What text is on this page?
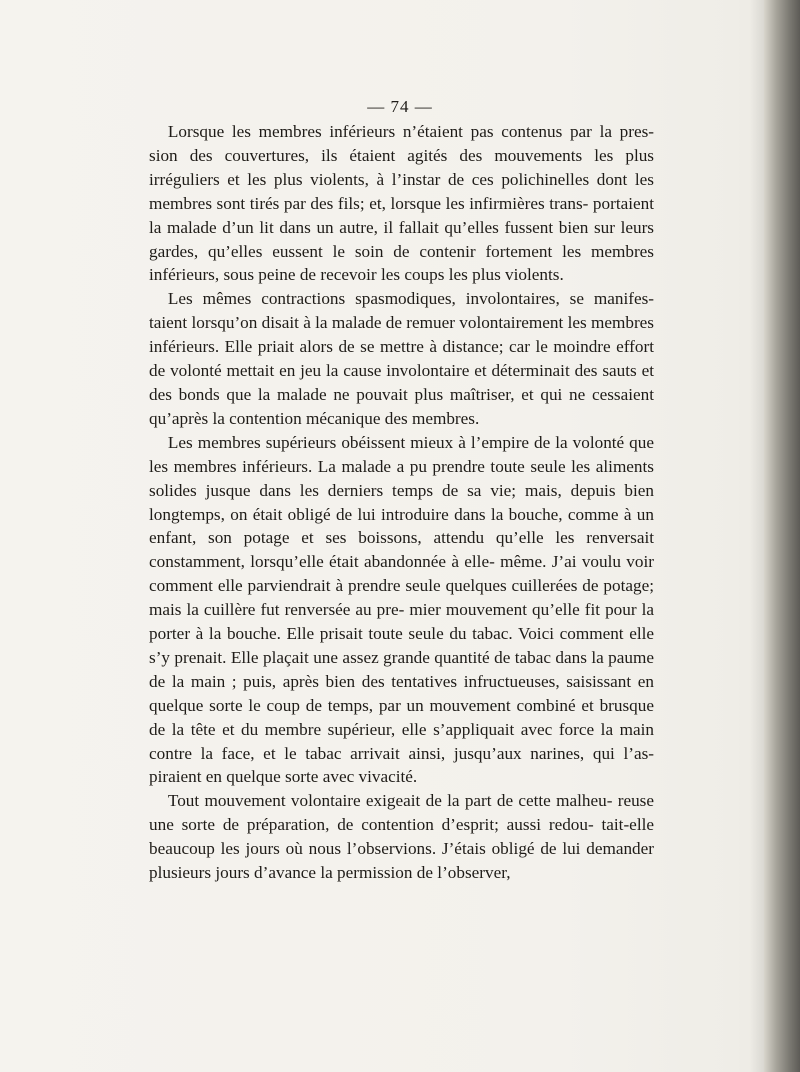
— 74 —

Lorsque les membres inférieurs n’étaient pas contenus par la pres- sion des couvertures, ils étaient agités des mouvements les plus irréguliers et les plus violents, à l’instar de ces polichinelles dont les membres sont tirés par des fils; et, lorsque les infirmières trans- portaient la malade d’un lit dans un autre, il fallait qu’elles fussent bien sur leurs gardes, qu’elles eussent le soin de contenir fortement les membres inférieurs, sous peine de recevoir les coups les plus violents.

Les mêmes contractions spasmodiques, involontaires, se manifes- taient lorsqu’on disait à la malade de remuer volontairement les membres inférieurs. Elle priait alors de se mettre à distance; car le moindre effort de volonté mettait en jeu la cause involontaire et déterminait des sauts et des bonds que la malade ne pouvait plus maîtriser, et qui ne cessaient qu’après la contention mécanique des membres.

Les membres supérieurs obéissent mieux à l’empire de la volonté que les membres inférieurs. La malade a pu prendre toute seule les aliments solides jusque dans les derniers temps de sa vie; mais, depuis bien longtemps, on était obligé de lui introduire dans la bouche, comme à un enfant, son potage et ses boissons, attendu qu’elle les renversait constamment, lorsqu’elle était abandonnée à elle- même. J’ai voulu voir comment elle parviendrait à prendre seule quelques cuillerées de potage; mais la cuillère fut renversée au pre- mier mouvement qu’elle fit pour la porter à la bouche. Elle prisait toute seule du tabac. Voici comment elle s’y prenait. Elle plaçait une assez grande quantité de tabac dans la paume de la main ; puis, après bien des tentatives infructueuses, saisissant en quelque sorte le coup de temps, par un mouvement combiné et brusque de la tête et du membre supérieur, elle s’appliquait avec force la main contre la face, et le tabac arrivait ainsi, jusqu’aux narines, qui l’as- piraient en quelque sorte avec vivacité.

Tout mouvement volontaire exigeait de la part de cette malheu- reuse une sorte de préparation, de contention d’esprit; aussi redou- tait-elle beaucoup les jours où nous l’observions. J’étais obligé de lui demander plusieurs jours d’avance la permission de l’observer,
